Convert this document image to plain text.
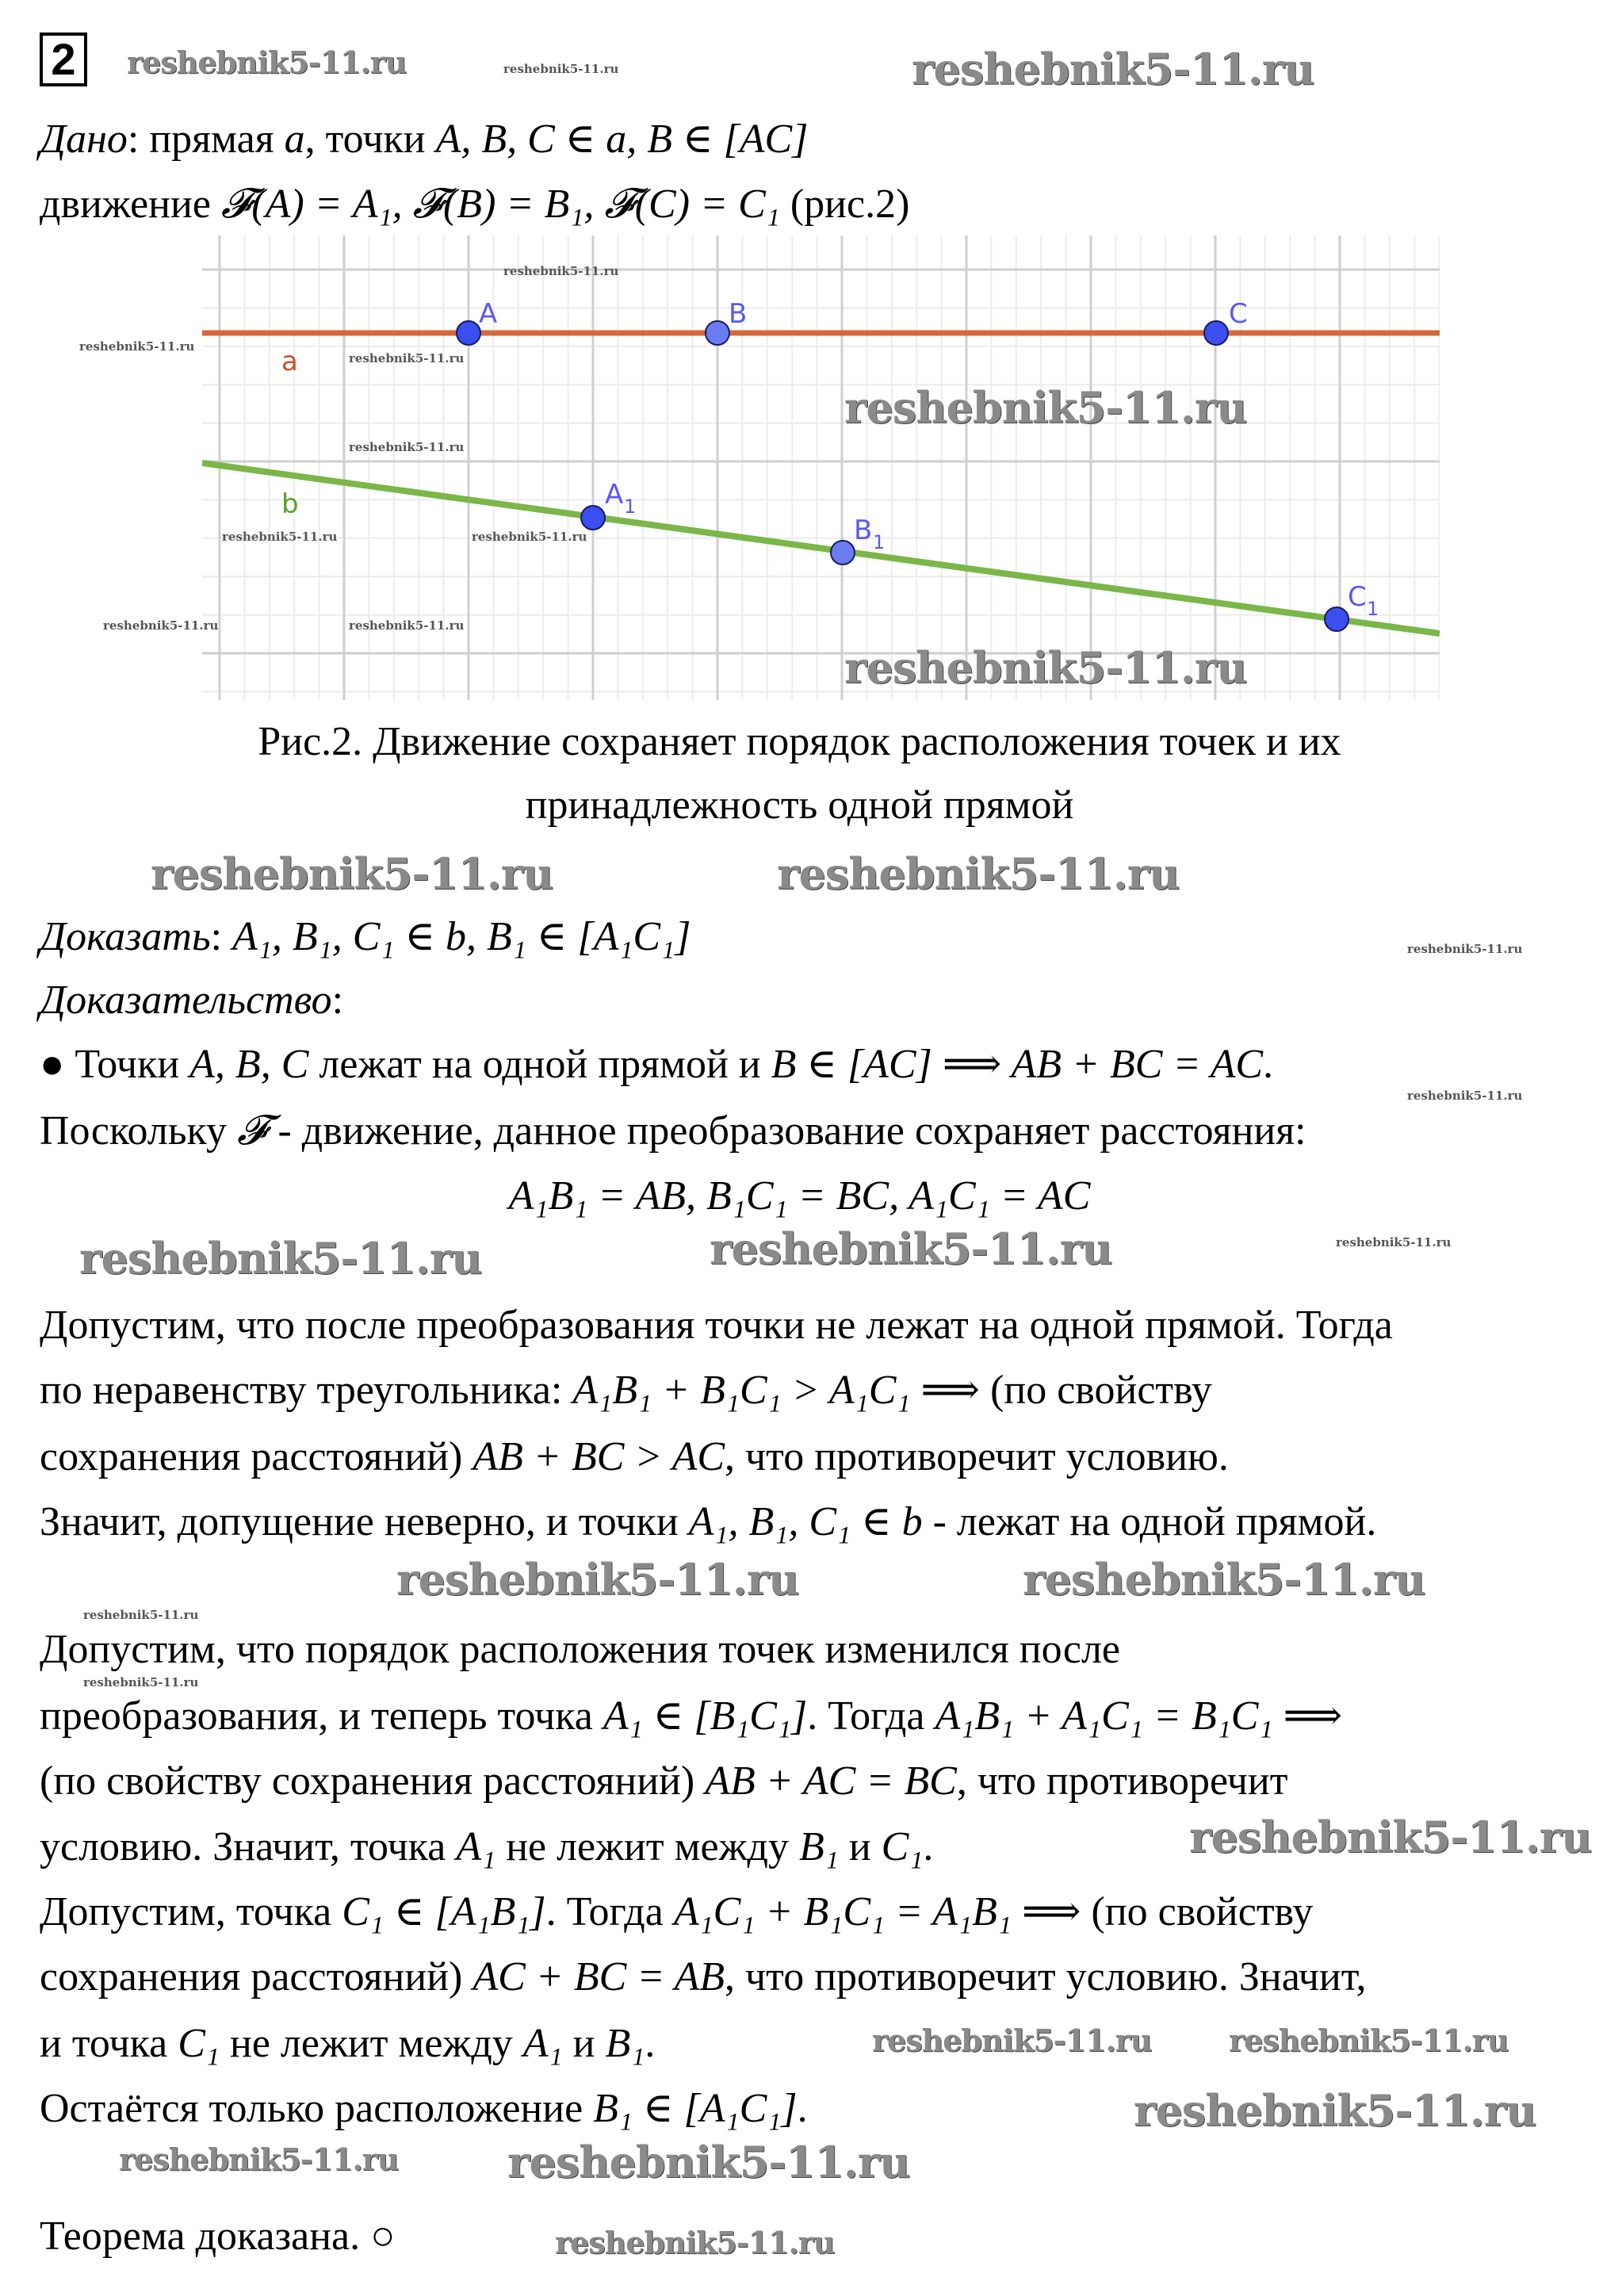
2
Дано: прямая a, точки A, B, C ∈ a, B ∈ [AC]
движение 𝓕(A) = A₁, 𝓕(B) = B₁, 𝓕(C) = C₁ (рис.2)
Рис.2. Движение сохраняет порядок расположения точек и их
принадлежность одной прямой
Доказать: A₁, B₁, C₁ ∈ b, B₁ ∈ [A₁C₁]
Доказательство:
● Точки A, B, C лежат на одной прямой и B ∈ [AC] ⟹ AB + BC = AC.
Поскольку 𝓕 - движение, данное преобразование сохраняет расстояния:
A₁B₁ = AB, B₁C₁ = BC, A₁C₁ = AC
Допустим, что после преобразования точки не лежат на одной прямой. Тогда
по неравенству треугольника: A₁B₁ + B₁C₁ > A₁C₁ ⟹ (по свойству
сохранения расстояний) AB + BC > AC, что противоречит условию.
Значит, допущение неверно, и точки A₁, B₁, C₁ ∈ b - лежат на одной прямой.
Допустим, что порядок расположения точек изменился после
преобразования, и теперь точка A₁ ∈ [B₁C₁]. Тогда A₁B₁ + A₁C₁ = B₁C₁ ⟹
(по свойству сохранения расстояний) AB + AC = BC, что противоречит
условию. Значит, точка A₁ не лежит между B₁ и C₁.
Допустим, точка C₁ ∈ [A₁B₁]. Тогда A₁C₁ + B₁C₁ = A₁B₁ ⟹ (по свойству
сохранения расстояний) AC + BC = AB, что противоречит условию. Значит,
и точка C₁ не лежит между A₁ и B₁.
Остаётся только расположение B₁ ∈ [A₁C₁].
Теорема доказана. ○
a
b
A	B	C
A 1
B 1
C 1
reshebnik5-11.ru	reshebnik5-11.ru	reshebnik5-11.ru
reshebnik5-11.ru
reshebnik5-11.ru
reshebnik5-11.ru
reshebnik5-11.ru
reshebnik5-11.ru
reshebnik5-11.ru	reshebnik5-11.ru
reshebnik5-11.ru	reshebnik5-11.ru
reshebnik5-11.ru
reshebnik5-11.ru	reshebnik5-11.ru
reshebnik5-11.ru
reshebnik5-11.ru
reshebnik5-11.ru	reshebnik5-11.ru
reshebnik5-11.ru
reshebnik5-11.ru	reshebnik5-11.ru
reshebnik5-11.ru
reshebnik5-11.ru
reshebnik5-11.ru
reshebnik5-11.ru	reshebnik5-11.ru
reshebnik5-11.ru
reshebnik5-11.ru
reshebnik5-11.ru
reshebnik5-11.ru
